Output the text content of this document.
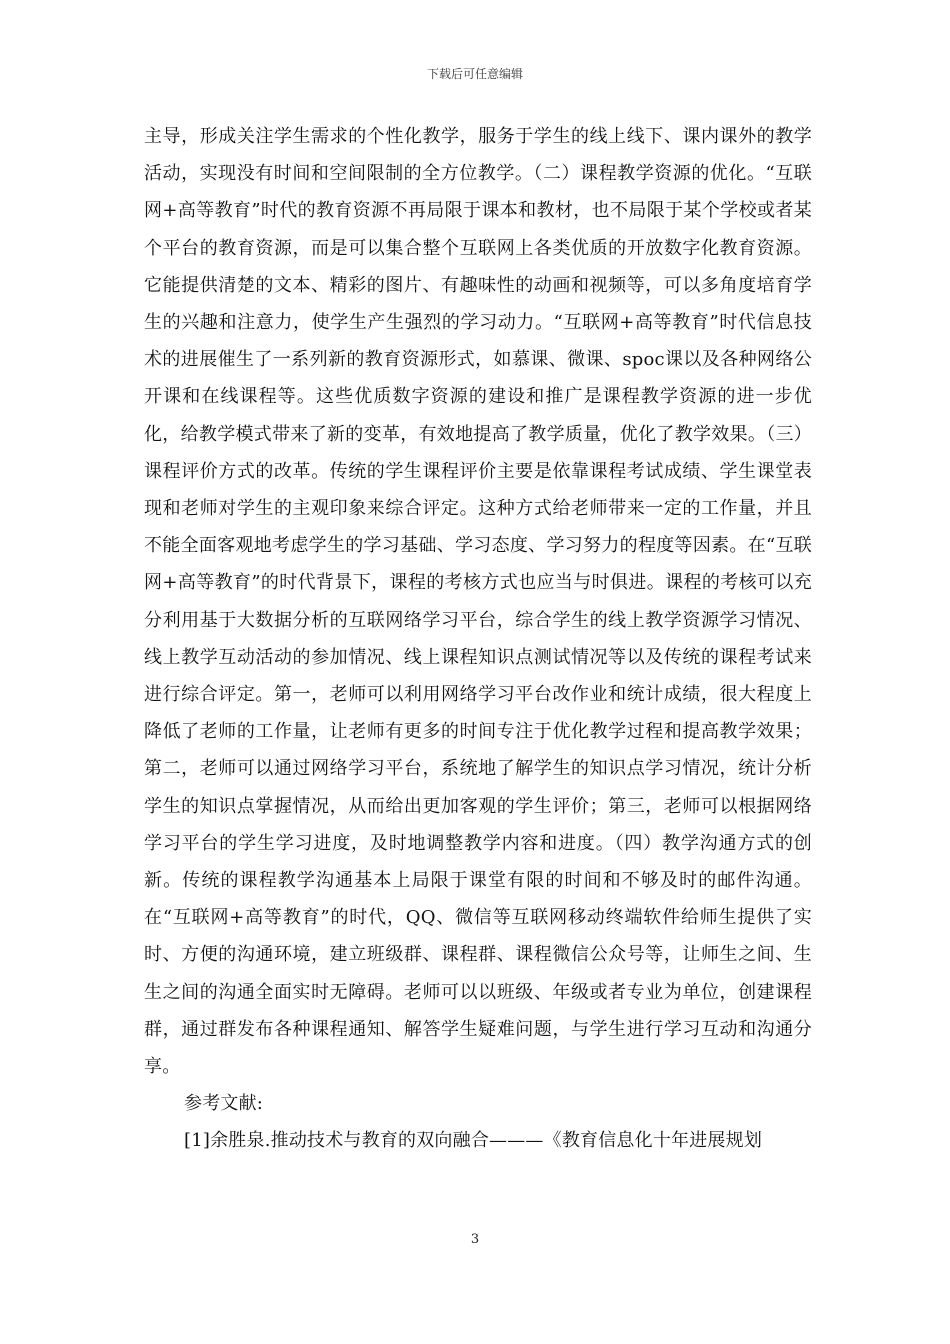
下载后可任意编辑

主导，形成关注学生需求的个性化教学，服务于学生的线上线下、课内课外的教学活动，实现没有时间和空间限制的全方位教学。（二）课程教学资源的优化。“互联网+高等教育”时代的教育资源不再局限于课本和教材，也不局限于某个学校或者某个平台的教育资源，而是可以集合整个互联网上各类优质的开放数字化教育资源。它能提供清楚的文本、精彩的图片、有趣味性的动画和视频等，可以多角度培育学生的兴趣和注意力，使学生产生强烈的学习动力。“互联网+高等教育”时代信息技术的进展催生了一系列新的教育资源形式，如慕课、微课、spoc课以及各种网络公开课和在线课程等。这些优质数字资源的建设和推广是课程教学资源的进一步优化，给教学模式带来了新的变革，有效地提高了教学质量，优化了教学效果。（三）课程评价方式的改革。传统的学生课程评价主要是依靠课程考试成绩、学生课堂表现和老师对学生的主观印象来综合评定。这种方式给老师带来一定的工作量，并且不能全面客观地考虑学生的学习基础、学习态度、学习努力的程度等因素。在“互联网+高等教育”的时代背景下，课程的考核方式也应当与时俱进。课程的考核可以充分利用基于大数据分析的互联网络学习平台，综合学生的线上教学资源学习情况、线上教学互动活动的参加情况、线上课程知识点测试情况等以及传统的课程考试来进行综合评定。第一，老师可以利用网络学习平台改作业和统计成绩，很大程度上降低了老师的工作量，让老师有更多的时间专注于优化教学过程和提高教学效果；第二，老师可以通过网络学习平台，系统地了解学生的知识点学习情况，统计分析学生的知识点掌握情况，从而给出更加客观的学生评价；第三，老师可以根据网络学习平台的学生学习进度，及时地调整教学内容和进度。（四）教学沟通方式的创新。传统的课程教学沟通基本上局限于课堂有限的时间和不够及时的邮件沟通。在“互联网+高等教育”的时代，QQ、微信等互联网移动终端软件给师生提供了实时、方便的沟通环境，建立班级群、课程群、课程微信公众号等，让师生之间、生生之间的沟通全面实时无障碍。老师可以以班级、年级或者专业为单位，创建课程群，通过群发布各种课程通知、解答学生疑难问题，与学生进行学习互动和沟通分享。

参考文献:

[1]余胜泉.推动技术与教育的双向融合———《教育信息化十年进展规划

3
